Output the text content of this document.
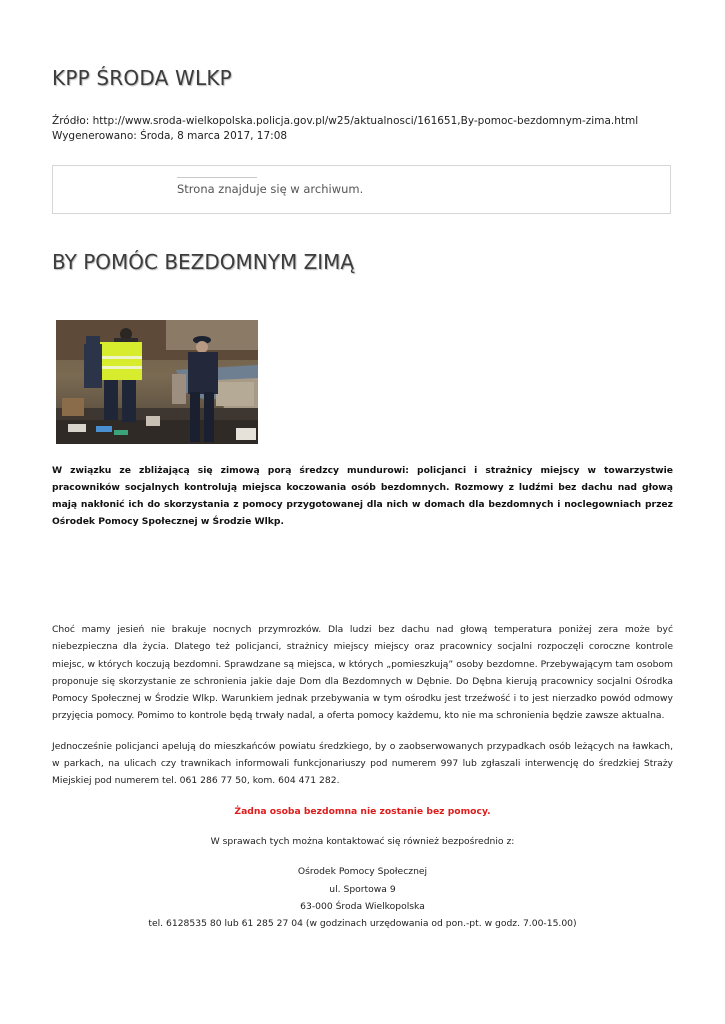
KPP ŚRODA WLKP
Źródło: http://www.sroda-wielkopolska.policja.gov.pl/w25/aktualnosci/161651,By-pomoc-bezdomnym-zima.html
Wygenerowano: Środa, 8 marca 2017, 17:08
Strona znajduje się w archiwum.
BY POMÓC BEZDOMNYM ZIMĄ
W związku ze zbliżającą się zimową porą średzcy mundurowi: policjanci i strażnicy miejscy w towarzystwie pracowników socjalnych kontrolują miejsca koczowania osób bezdomnych. Rozmowy z ludźmi bez dachu nad głową mają nakłonić ich do skorzystania z pomocy przygotowanej dla nich w domach dla bezdomnych i noclegowniach przez Ośrodek Pomocy Społecznej w Środzie Wlkp.

Choć mamy jesień nie brakuje nocnych przymrozków. Dla ludzi bez dachu nad głową temperatura poniżej zera może być niebezpieczna dla życia. Dlatego też policjanci, strażnicy miejscy miejscy oraz pracownicy socjalni rozpoczęli coroczne kontrole miejsc, w których koczują bezdomni. Sprawdzane są miejsca, w których „pomieszkują” osoby bezdomne. Przebywającym tam osobom proponuje się skorzystanie ze schronienia jakie daje Dom dla Bezdomnych w Dębnie. Do Dębna kierują pracownicy socjalni Ośrodka Pomocy Społecznej w Środzie Wlkp. Warunkiem jednak przebywania w tym ośrodku jest trzeźwość i to jest nierzadko powód odmowy przyjęcia pomocy. Pomimo to kontrole będą trwały nadal, a oferta pomocy każdemu, kto nie ma schronienia będzie zawsze aktualna.

Jednocześnie policjanci apelują do mieszkańców powiatu średzkiego, by o zaobserwowanych przypadkach osób leżących na ławkach, w parkach, na ulicach czy trawnikach informowali funkcjonariuszy pod numerem 997 lub zgłaszali interwencję do średzkiej Straży Miejskiej pod numerem tel. 061 286 77 50, kom. 604 471 282.

Żadna osoba bezdomna nie zostanie bez pomocy.

W sprawach tych można kontaktować się również bezpośrednio z:

Ośrodek Pomocy Społecznej

ul. Sportowa 9

63-000 Środa Wielkopolska

tel. 6128535 80 lub 61 285 27 04 (w godzinach urzędowania od pon.-pt. w godz. 7.00-15.00)
